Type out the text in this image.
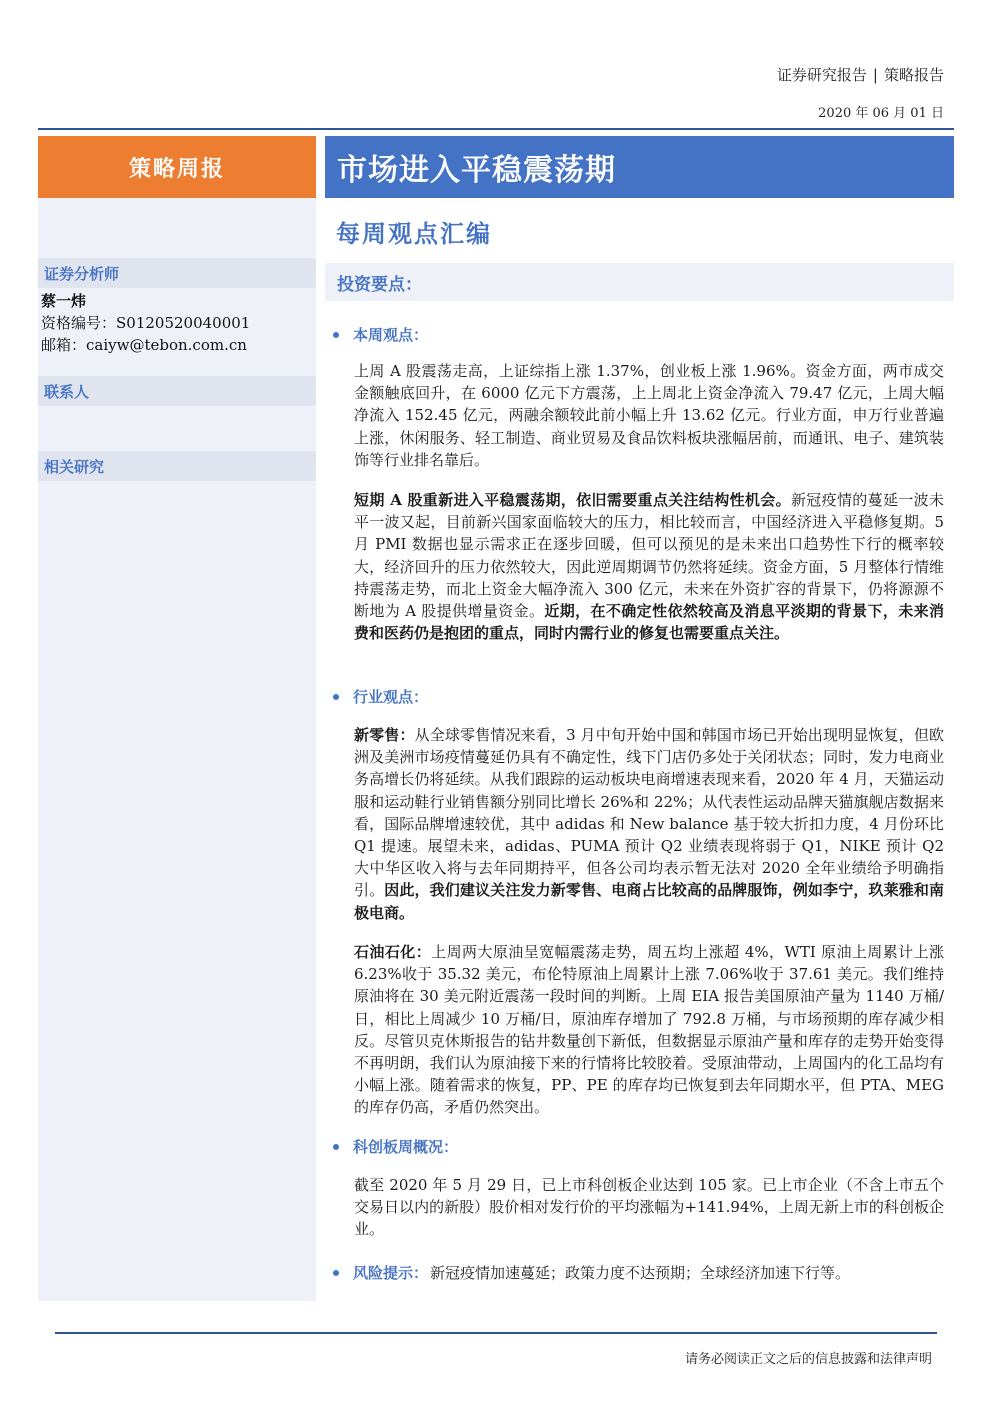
证券研究报告 | 策略报告
2020 年 06 月 01 日
策略周报	市场进入平稳震荡期
每周观点汇编
证券分析师
蔡一炜
资格编号：S0120520040001
邮箱：caiyw@tebon.com.cn
联系人
相关研究
投资要点：
本周观点：
上周 A 股震荡走高，上证综指上涨 1.37%，创业板上涨 1.96%。资金方面，两市成交金额触底回升，在 6000 亿元下方震荡，上上周北上资金净流入 79.47 亿元，上周大幅净流入 152.45 亿元，两融余额较此前小幅上升 13.62 亿元。行业方面，申万行业普遍上涨，休闲服务、轻工制造、商业贸易及食品饮料板块涨幅居前，而通讯、电子、建筑装饰等行业排名靠后。
短期 A 股重新进入平稳震荡期，依旧需要重点关注结构性机会。新冠疫情的蔓延一波未平一波又起，目前新兴国家面临较大的压力，相比较而言，中国经济进入平稳修复期。5 月 PMI 数据也显示需求正在逐步回暖，但可以预见的是未来出口趋势性下行的概率较大，经济回升的压力依然较大，因此逆周期调节仍然将延续。资金方面，5 月整体行情维持震荡走势，而北上资金大幅净流入 300 亿元，未来在外资扩容的背景下，仍将源源不断地为 A 股提供增量资金。近期，在不确定性依然较高及消息平淡期的背景下，未来消费和医药仍是抱团的重点，同时内需行业的修复也需要重点关注。
行业观点：
新零售：从全球零售情况来看，3 月中旬开始中国和韩国市场已开始出现明显恢复，但欧洲及美洲市场疫情蔓延仍具有不确定性，线下门店仍多处于关闭状态；同时，发力电商业务高增长仍将延续。从我们跟踪的运动板块电商增速表现来看，2020 年 4 月，天猫运动服和运动鞋行业销售额分别同比增长 26%和 22%；从代表性运动品牌天猫旗舰店数据来看，国际品牌增速较优，其中 adidas 和 New balance 基于较大折扣力度，4 月份环比 Q1 提速。展望未来，adidas、PUMA 预计 Q2 业绩表现将弱于 Q1，NIKE 预计 Q2 大中华区收入将与去年同期持平，但各公司均表示暂无法对 2020 全年业绩给予明确指引。因此，我们建议关注发力新零售、电商占比较高的品牌服饰，例如李宁，玖莱雅和南极电商。
石油石化：上周两大原油呈宽幅震荡走势，周五均上涨超 4%，WTI 原油上周累计上涨 6.23%收于 35.32 美元，布伦特原油上周累计上涨 7.06%收于 37.61 美元。我们维持原油将在 30 美元附近震荡一段时间的判断。上周 EIA 报告美国原油产量为 1140 万桶/日，相比上周减少 10 万桶/日，原油库存增加了 792.8 万桶，与市场预期的库存减少相反。尽管贝克休斯报告的钻井数量创下新低，但数据显示原油产量和库存的走势开始变得不再明朗，我们认为原油接下来的行情将比较胶着。受原油带动，上周国内的化工品均有小幅上涨。随着需求的恢复，PP、PE 的库存均已恢复到去年同期水平，但 PTA、MEG 的库存仍高，矛盾仍然突出。
科创板周概况：
截至 2020 年 5 月 29 日，已上市科创板企业达到 105 家。已上市企业（不含上市五个交易日以内的新股）股价相对发行价的平均涨幅为+141.94%，上周无新上市的科创板企业。
风险提示： 新冠疫情加速蔓延；政策力度不达预期；全球经济加速下行等。
请务必阅读正文之后的信息披露和法律声明
